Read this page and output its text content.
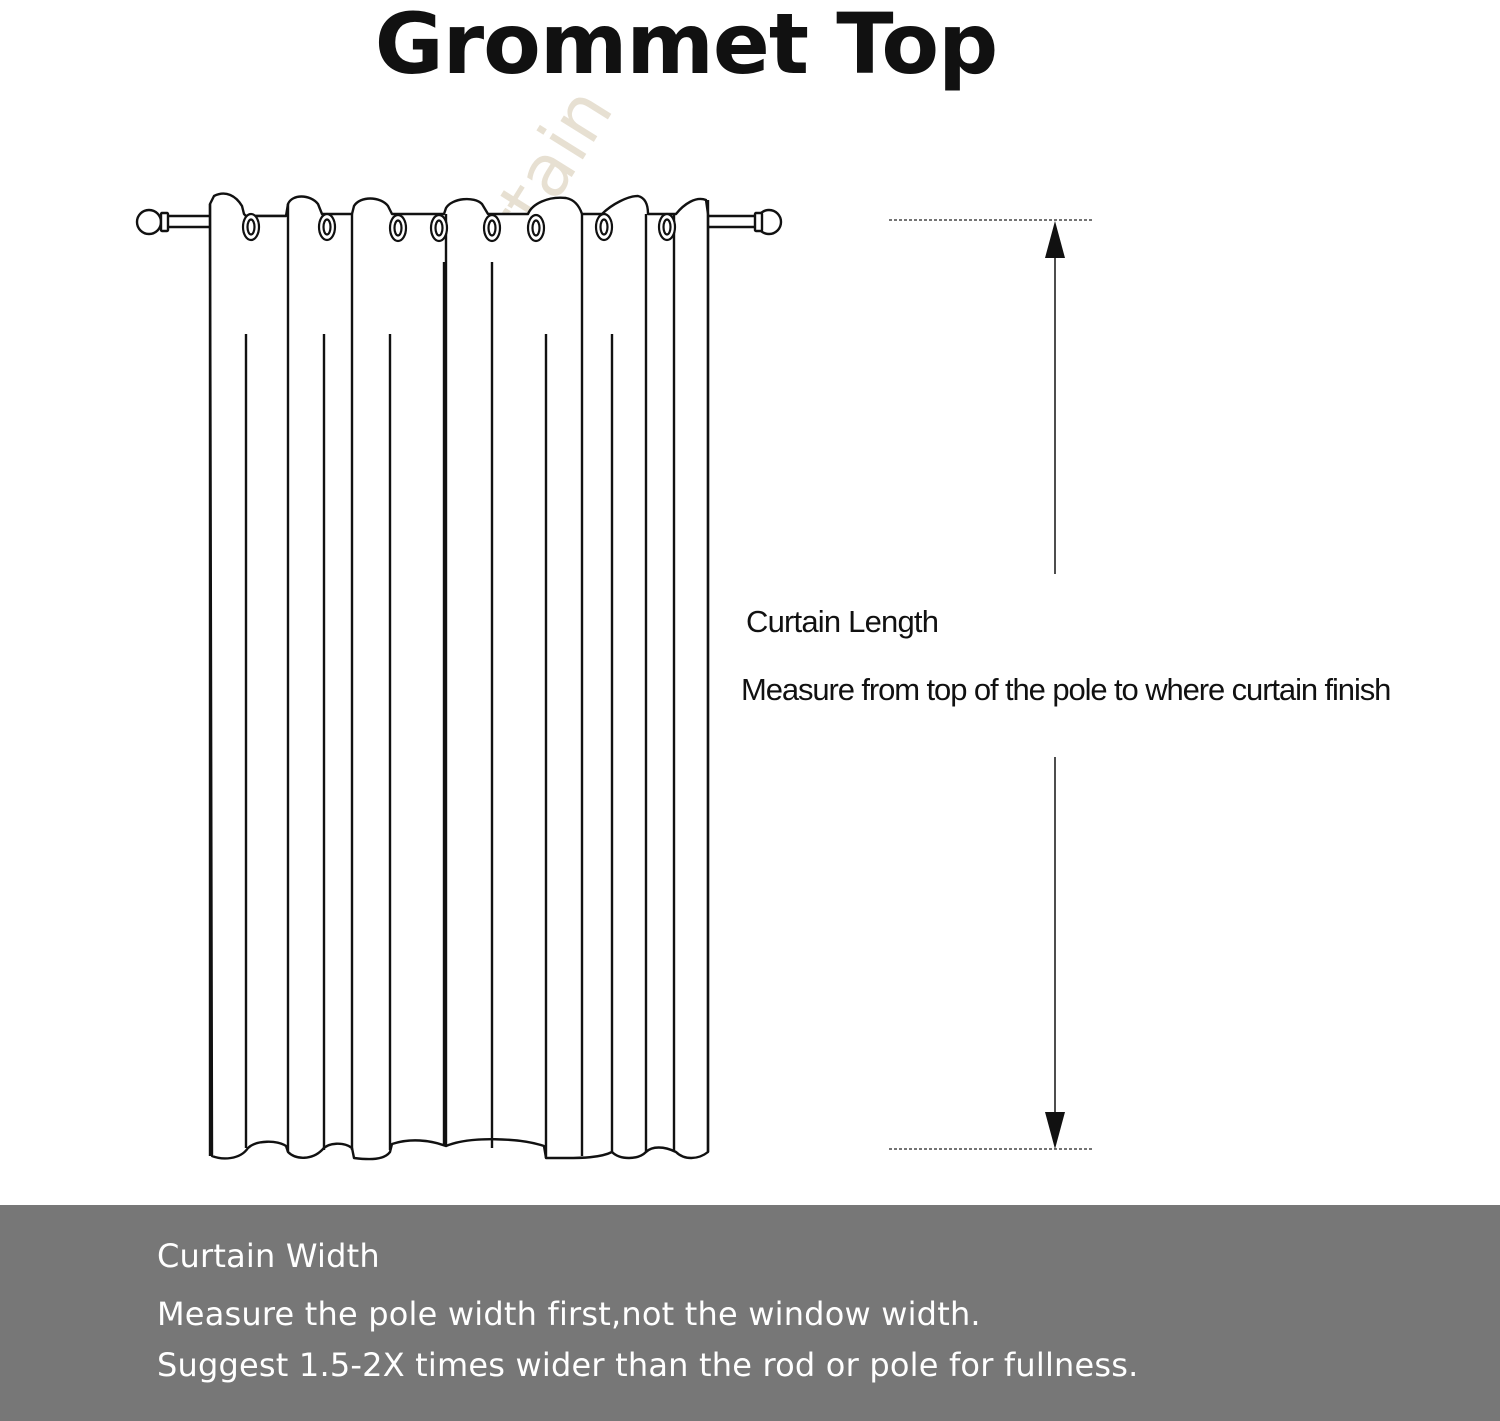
Grommet Top
Curtain Length
Measure from top of the pole to where curtain finish
Curtain Width
Measure the pole width first,not the window width.
Suggest 1.5-2X times wider than the rod or pole for fullness.
